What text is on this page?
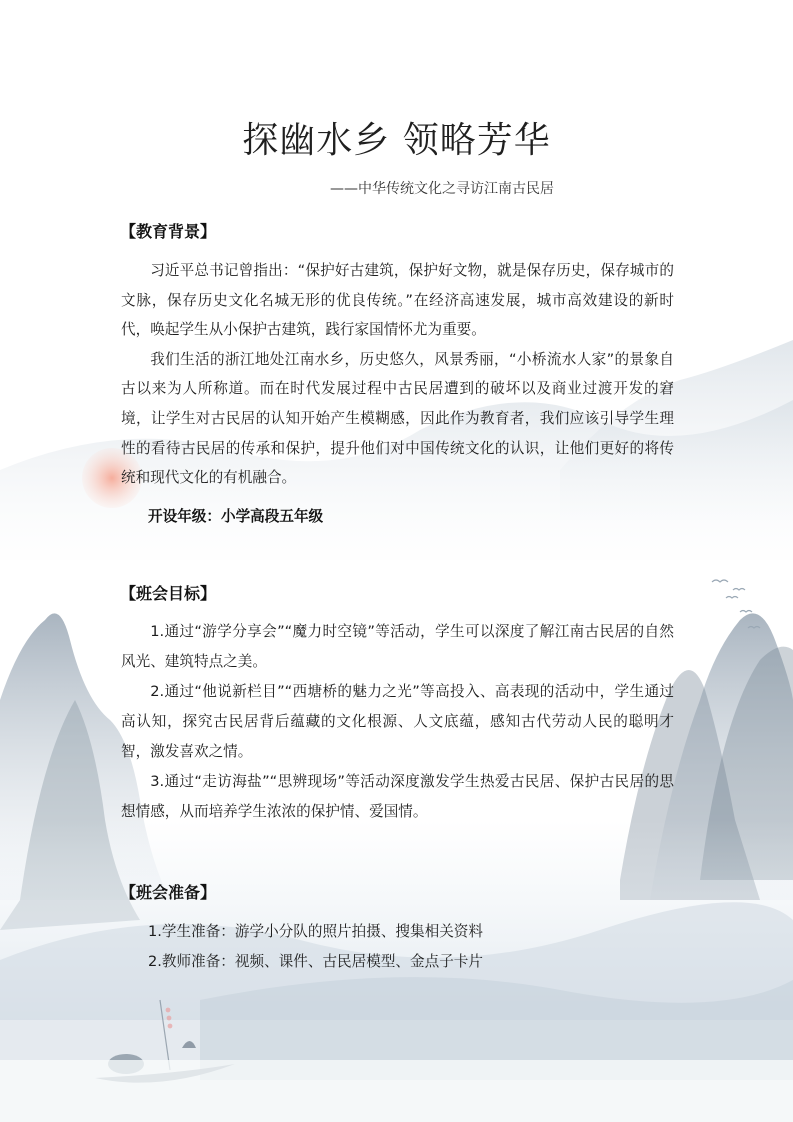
探幽水乡 领略芳华
——中华传统文化之寻访江南古民居
【教育背景】

习近平总书记曾指出：“保护好古建筑，保护好文物，就是保存历史，保存城市的文脉，保存历史文化名城无形的优良传统。”在经济高速发展，城市高效建设的新时代，唤起学生从小保护古建筑，践行家国情怀尤为重要。

我们生活的浙江地处江南水乡，历史悠久，风景秀丽，“小桥流水人家”的景象自古以来为人所称道。而在时代发展过程中古民居遭到的破坏以及商业过渡开发的窘境，让学生对古民居的认知开始产生模糊感，因此作为教育者，我们应该引导学生理性的看待古民居的传承和保护，提升他们对中国传统文化的认识，让他们更好的将传统和现代文化的有机融合。

开设年级：小学高段五年级
【班会目标】

1.通过“游学分享会”“魔力时空镜”等活动，学生可以深度了解江南古民居的自然风光、建筑特点之美。

2.通过“他说新栏目”“西塘桥的魅力之光”等高投入、高表现的活动中，学生通过高认知，探究古民居背后蕴藏的文化根源、人文底蕴，感知古代劳动人民的聪明才智，激发喜欢之情。

3.通过“走访海盐”“思辨现场”等活动深度激发学生热爱古民居、保护古民居的思想情感，从而培养学生浓浓的保护情、爱国情。

【班会准备】
1.学生准备：游学小分队的照片拍摄、搜集相关资料
2.教师准备：视频、课件、古民居模型、金点子卡片
